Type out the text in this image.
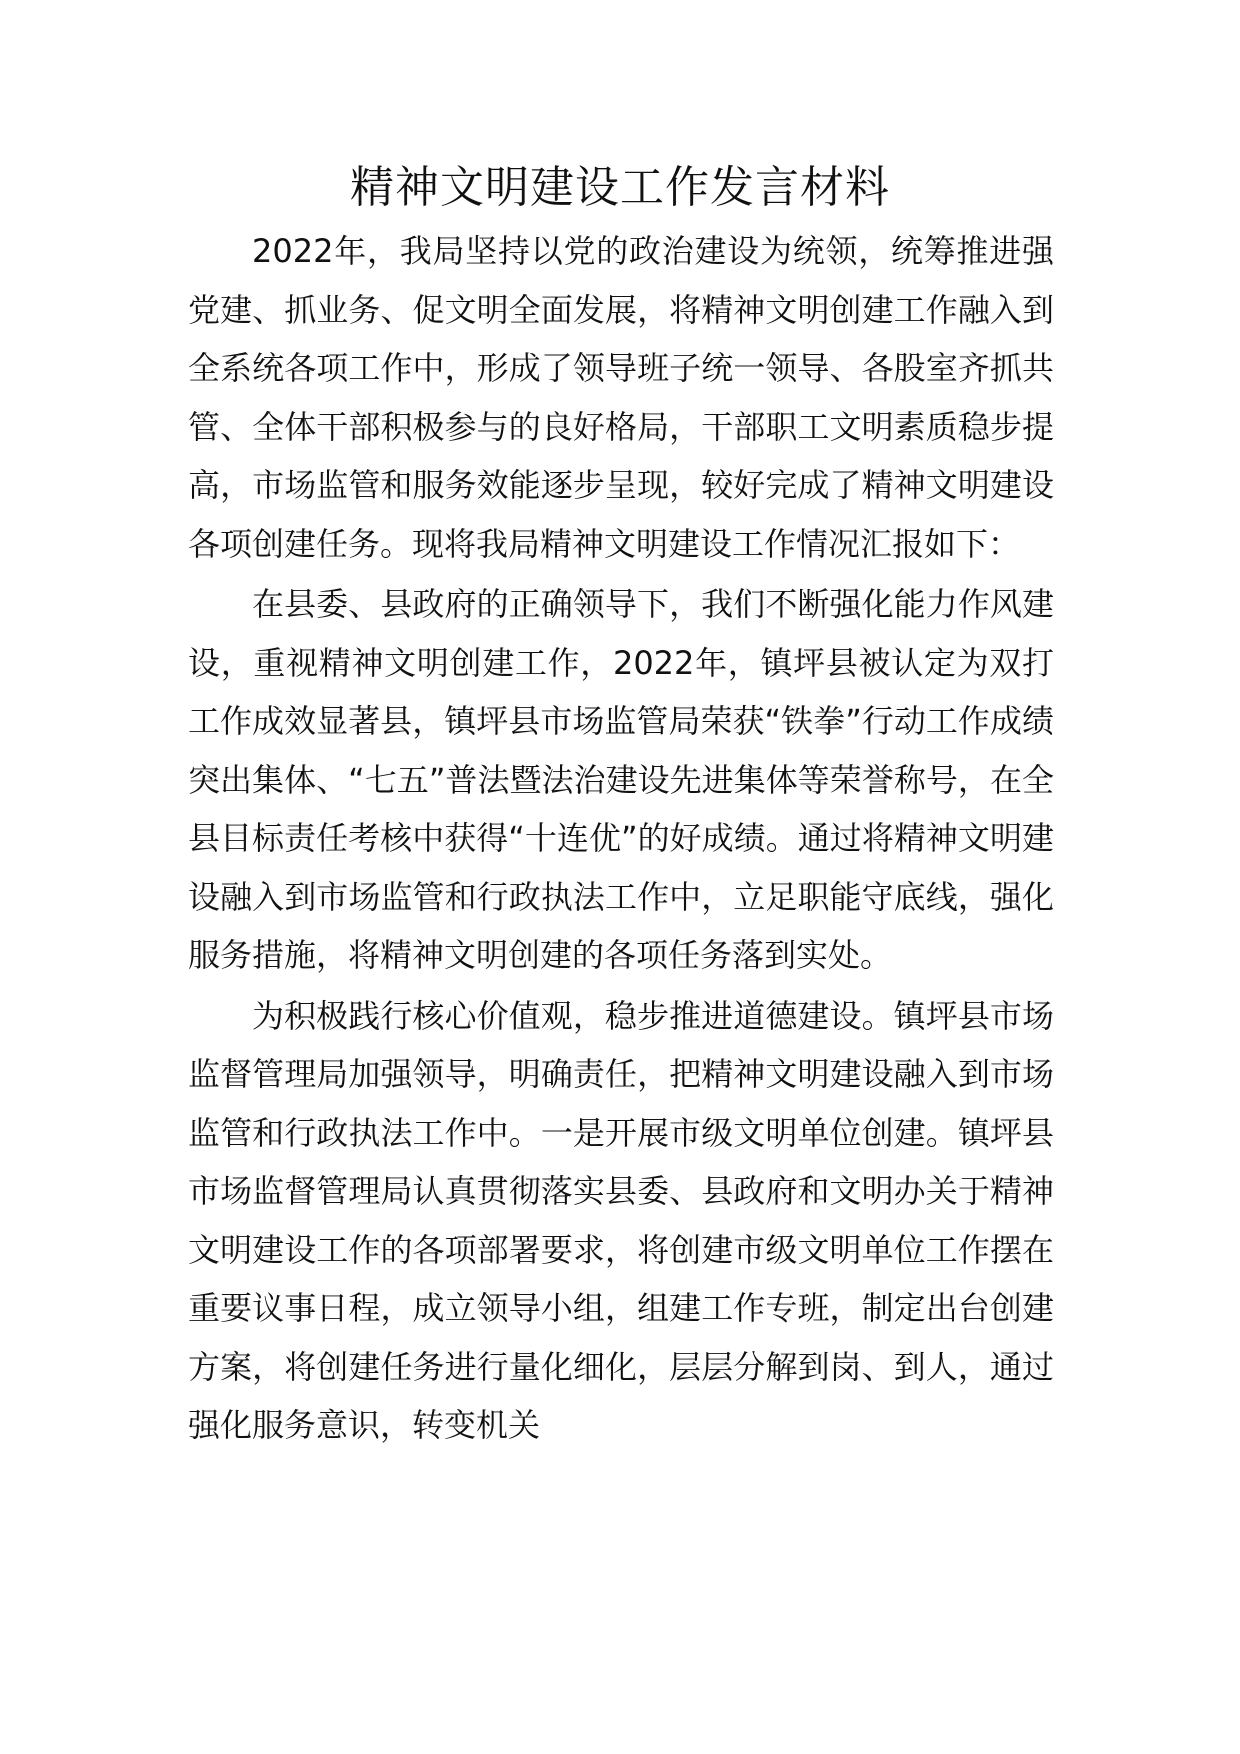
精神文明建设工作发言材料

2022年，我局坚持以党的政治建设为统领，统筹推进强党建、抓业务、促文明全面发展，将精神文明创建工作融入到全系统各项工作中，形成了领导班子统一领导、各股室齐抓共管、全体干部积极参与的良好格局，干部职工文明素质稳步提高，市场监管和服务效能逐步呈现，较好完成了精神文明建设各项创建任务。现将我局精神文明建设工作情况汇报如下：

在县委、县政府的正确领导下，我们不断强化能力作风建设，重视精神文明创建工作，2022年，镇坪县被认定为双打工作成效显著县，镇坪县市场监管局荣获“铁拳”行动工作成绩突出集体、“七五”普法暨法治建设先进集体等荣誉称号，在全县目标责任考核中获得“十连优”的好成绩。通过将精神文明建设融入到市场监管和行政执法工作中，立足职能守底线，强化服务措施，将精神文明创建的各项任务落到实处。

为积极践行核心价值观，稳步推进道德建设。镇坪县市场监督管理局加强领导，明确责任，把精神文明建设融入到市场监管和行政执法工作中。一是开展市级文明单位创建。镇坪县市场监督管理局认真贯彻落实县委、县政府和文明办关于精神文明建设工作的各项部署要求，将创建市级文明单位工作摆在重要议事日程，成立领导小组，组建工作专班，制定出台创建方案，将创建任务进行量化细化，层层分解到岗、到人，通过强化服务意识，转变机关
